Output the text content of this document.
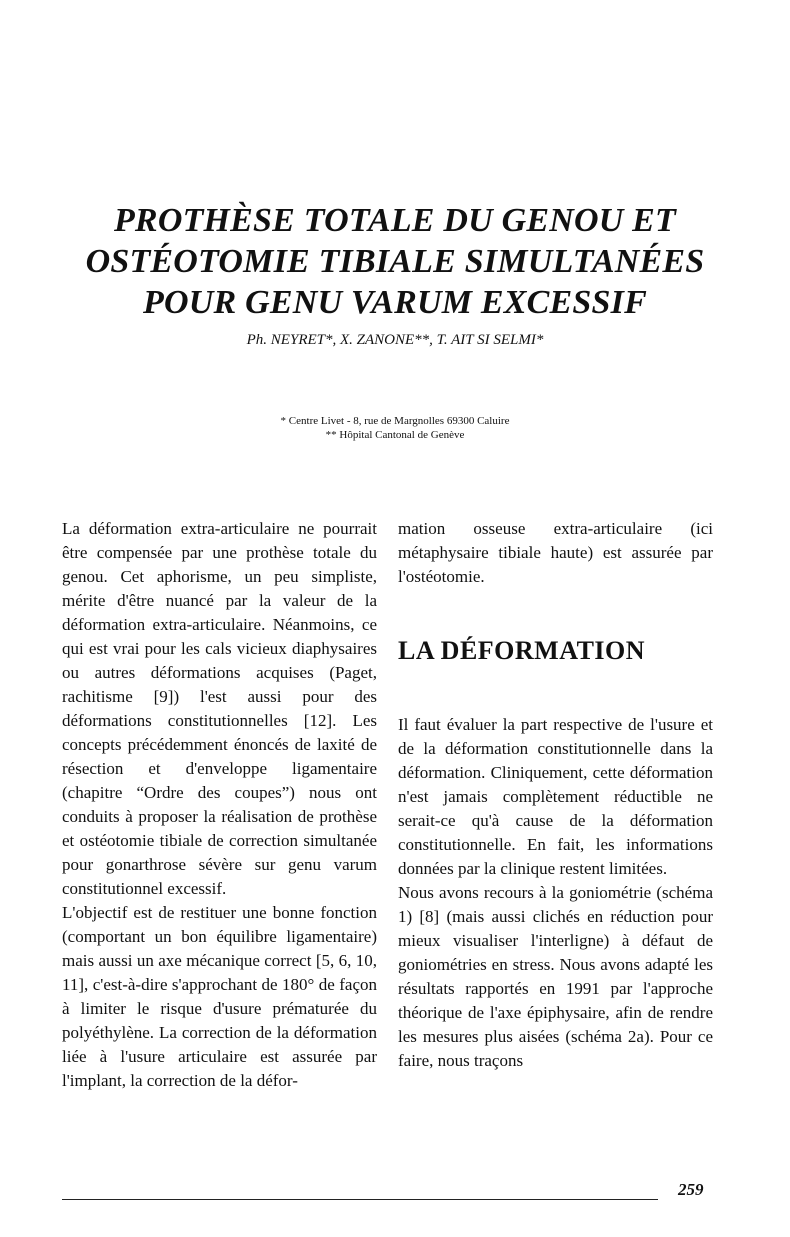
PROTHÈSE TOTALE DU GENOU ET
OSTÉOTOMIE TIBIALE SIMULTANÉES
POUR GENU VARUM EXCESSIF
Ph. NEYRET*, X. ZANONE**, T. AIT SI SELMI*
* Centre Livet - 8, rue de Margnolles 69300 Caluire
** Hôpital Cantonal de Genève

La déformation extra-articulaire ne pourrait être compensée par une prothèse totale du genou. Cet aphorisme, un peu simpliste, mérite d'être nuancé par la valeur de la déformation extra-articulaire. Néanmoins, ce qui est vrai pour les cals vicieux diaphysaires ou autres déformations acquises (Paget, rachitisme [9]) l'est aussi pour des déformations constitutionnelles [12]. Les concepts précédemment énoncés de laxité de résection et d'enveloppe ligamentaire (chapitre “Ordre des coupes”) nous ont conduits à proposer la réalisation de prothèse et ostéotomie tibiale de correction simultanée pour gonarthrose sévère sur genu varum constitutionnel excessif.

L'objectif est de restituer une bonne fonction (comportant un bon équilibre ligamentaire) mais aussi un axe mécanique correct [5, 6, 10, 11], c'est-à-dire s'approchant de 180° de façon à limiter le risque d'usure prématurée du polyéthylène. La correction de la déformation liée à l'usure articulaire est assurée par l'implant, la correction de la défor-

mation osseuse extra-articulaire (ici métaphysaire tibiale haute) est assurée par l'ostéotomie.

LA DÉFORMATION

Il faut évaluer la part respective de l'usure et de la déformation constitutionnelle dans la déformation. Cliniquement, cette déformation n'est jamais complètement réductible ne serait-ce qu'à cause de la déformation constitutionnelle. En fait, les informations données par la clinique restent limitées.

Nous avons recours à la goniométrie (schéma 1) [8] (mais aussi clichés en réduction pour mieux visualiser l'interligne) à défaut de goniométries en stress. Nous avons adapté les résultats rapportés en 1991 par l'approche théorique de l'axe épiphysaire, afin de rendre les mesures plus aisées (schéma 2a). Pour ce faire, nous traçons

259
